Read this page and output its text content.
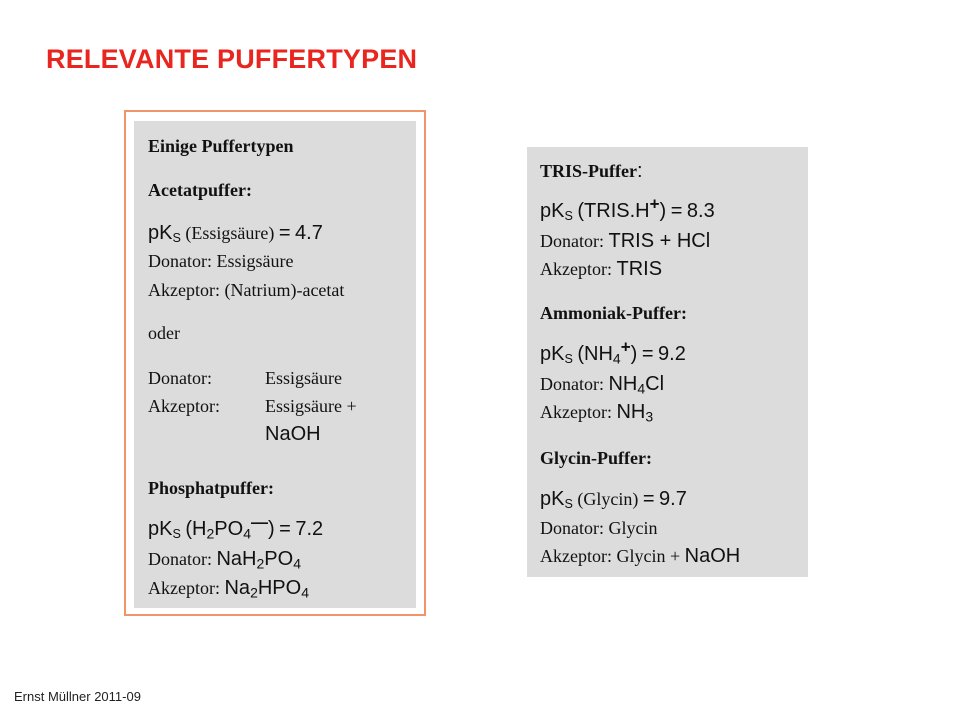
RELEVANTE PUFFERTYPEN
Einige Puffertypen
Acetatpuffer:
$pK_S$ (Essigsäure) = 4.7
Donator: Essigsäure
Akzeptor: (Natrium)-acetat
oder
Donator:	Essigsäure
Akzeptor:	Essigsäure +
NaOH
Phosphatpuffer:
$pK_S$ $(H_2PO_4^—) = 7.2$
Donator: $NaH_2PO_4$
Akzeptor: $Na_2HPO_4$
TRIS-Puffer:
$pK_S$ (TRIS.H+) = 8.3
Donator: TRIS + HCl
Akzeptor: TRIS
Ammoniak-Puffer:
$pK_S$ $(NH_4^+) = 9.2$
Donator: $NH_4Cl$
Akzeptor: $NH_3$
Glycin-Puffer:
$pK_S$ (Glycin) = 9.7
Donator: Glycin
Akzeptor: Glycin + NaOH
Ernst Müllner 2011-09
